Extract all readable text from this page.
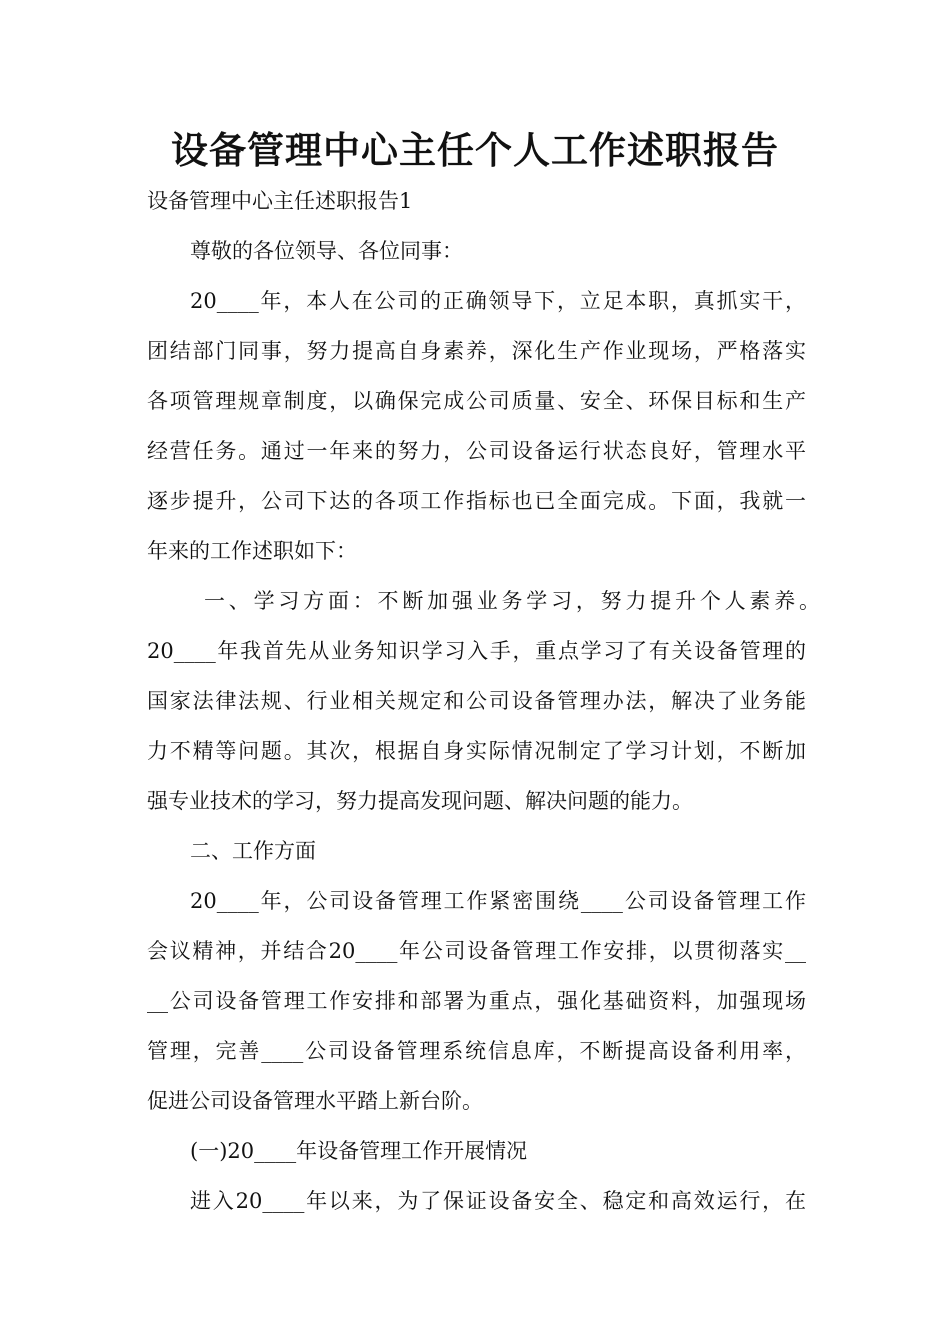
设备管理中心主任个人工作述职报告

设备管理中心主任述职报告1

尊敬的各位领导、各位同事：

20____年，本人在公司的正确领导下，立足本职，真抓实干，

团结部门同事，努力提高自身素养，深化生产作业现场，严格落实

各项管理规章制度，以确保完成公司质量、安全、环保目标和生产

经营任务。通过一年来的努力，公司设备运行状态良好，管理水平

逐步提升，公司下达的各项工作指标也已全面完成。下面，我就一

年来的工作述职如下：

一、学习方面：不断加强业务学习，努力提升个人素养。

20____年我首先从业务知识学习入手，重点学习了有关设备管理的

国家法律法规、行业相关规定和公司设备管理办法，解决了业务能

力不精等问题。其次，根据自身实际情况制定了学习计划，不断加

强专业技术的学习，努力提高发现问题、解决问题的能力。

二、工作方面

20____年，公司设备管理工作紧密围绕____公司设备管理工作

会议精神，并结合20____年公司设备管理工作安排，以贯彻落实__

__公司设备管理工作安排和部署为重点，强化基础资料，加强现场

管理，完善____公司设备管理系统信息库，不断提高设备利用率，

促进公司设备管理水平踏上新台阶。

(一)20____年设备管理工作开展情况

进入20____年以来，为了保证设备安全、稳定和高效运行，在
